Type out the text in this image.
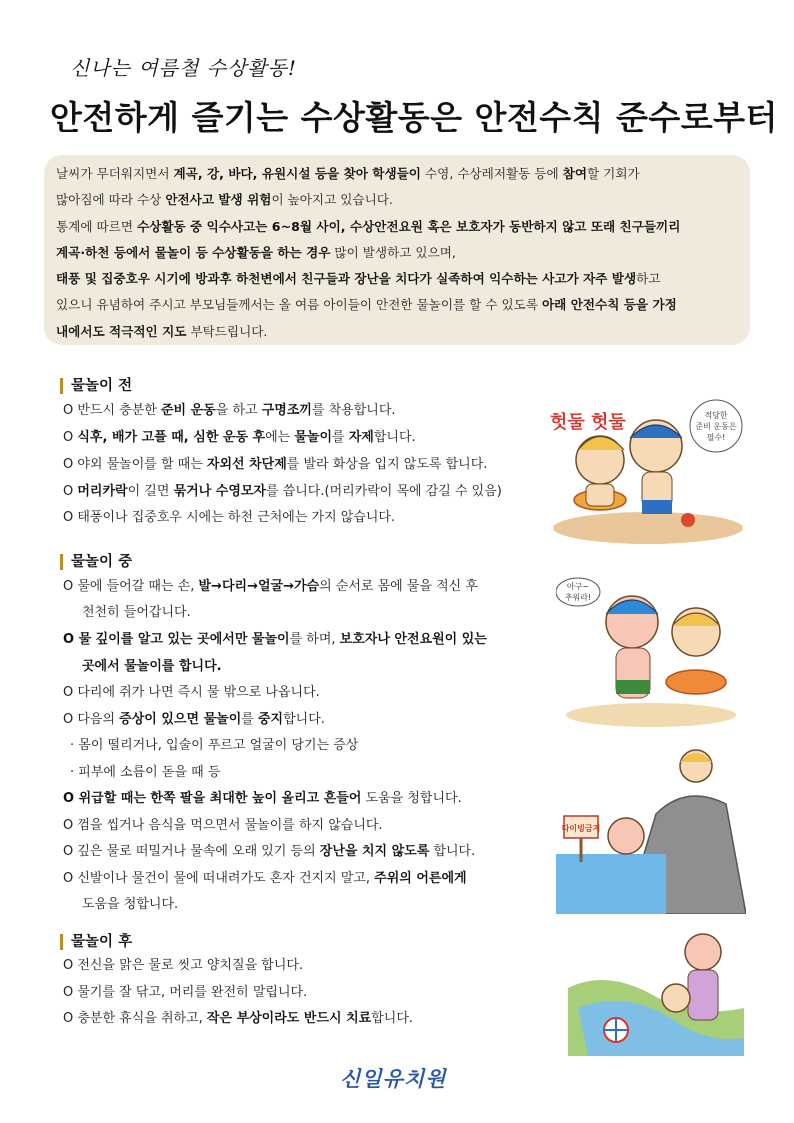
신나는 여름철 수상활동!
안전하게 즐기는 수상활동은 안전수칙 준수로부터

날씨가 무더워지면서 계곡, 강, 바다, 유원시설 등을 찾아 학생들이 수영, 수상레저활동 등에 참여할 기회가

많아짐에 따라 수상 안전사고 발생 위험이 높아지고 있습니다.

통계에 따르면 수상활동 중 익수사고는 6~8월 사이, 수상안전요원 혹은 보호자가 동반하지 않고 또래 친구들끼리

계곡·하천 등에서 물놀이 등 수상활동을 하는 경우 많이 발생하고 있으며,

태풍 및 집중호우 시기에 방과후 하천변에서 친구들과 장난을 치다가 실족하여 익수하는 사고가 자주 발생하고

있으니 유념하여 주시고 부모님들께서는 올 여름 아이들이 안전한 물놀이를 할 수 있도록 아래 안전수칙 등을 가정

내에서도 적극적인 지도 부탁드립니다.

물놀이 전
O 반드시 충분한 준비 운동을 하고 구명조끼를 착용합니다.
O 식후, 배가 고플 때, 심한 운동 후에는 물놀이를 자제합니다.
O 야외 물놀이를 할 때는 자외선 차단제를 발라 화상을 입지 않도록 합니다.
O 머리카락이 길면 묶거나 수영모자를 씁니다.(머리카락이 목에 감길 수 있음)
O 태풍이나 집중호우 시에는 하천 근처에는 가지 않습니다.
물놀이 중
O 물에 들어갈 때는 손, 발→다리→얼굴→가슴의 순서로 몸에 물을 적신 후
천천히 들어갑니다.
O 물 깊이를 알고 있는 곳에서만 물놀이를 하며, 보호자나 안전요원이 있는
곳에서 물놀이를 합니다.
O 다리에 쥐가 나면 즉시 물 밖으로 나옵니다.
O 다음의 증상이 있으면 물놀이를 중지합니다.
· 몸이 떨리거나, 입술이 푸르고 얼굴이 당기는 증상
· 피부에 소름이 돋을 때 등
O 위급할 때는 한쪽 팔을 최대한 높이 올리고 흔들어 도움을 청합니다.
O 껌을 씹거나 음식을 먹으면서 물놀이를 하지 않습니다.
O 깊은 물로 떠밀거나 물속에 오래 있기 등의 장난을 치지 않도록 합니다.
O 신발이나 물건이 물에 떠내려가도 혼자 건지지 말고, 주위의 어른에게
도움을 청합니다.
물놀이 후
O 전신을 맑은 물로 씻고 양치질을 합니다.
O 물기를 잘 닦고, 머리를 완전히 말립니다.
O 충분한 휴식을 취하고, 작은 부상이라도 반드시 치료합니다.
헛둘 헛둘	적당한
준비 운동은
필수!
아구~
추워라!
다이빙금지
신일유치원
